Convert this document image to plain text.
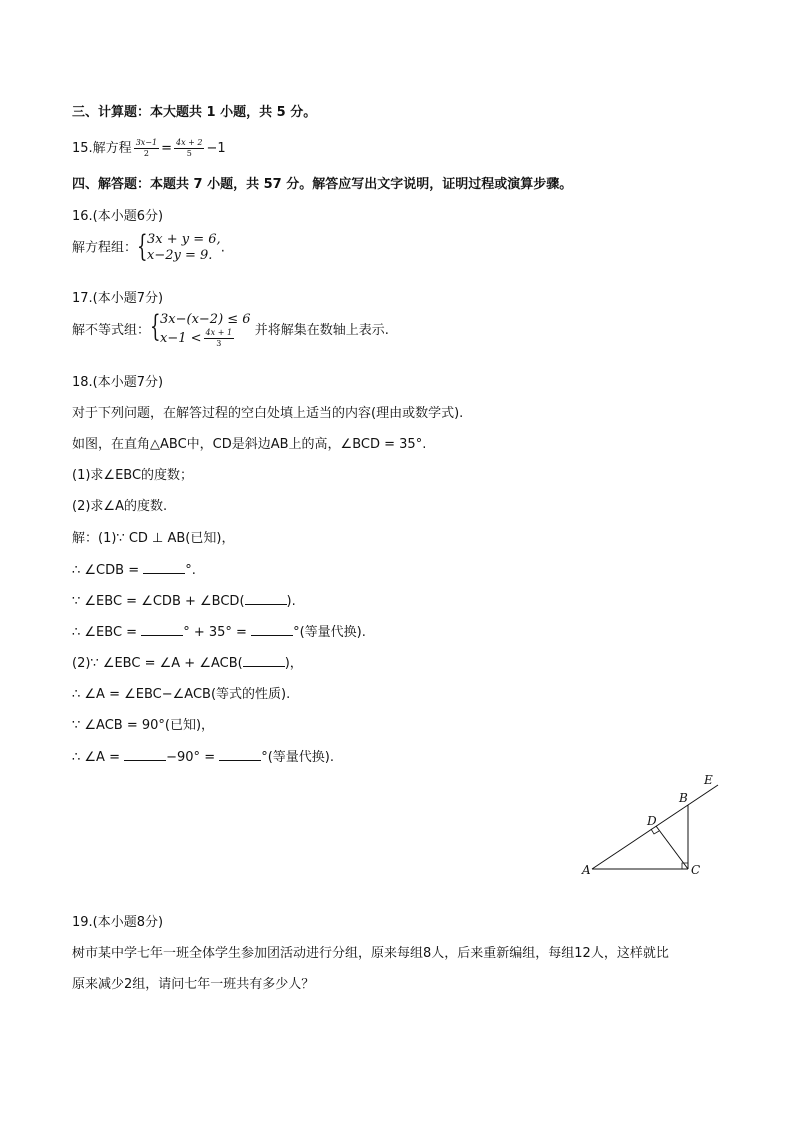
三、计算题：本大题共 1 小题，共 5 分。
15.解方程 $\frac{3x-1}{2} = \frac{4x + 2}{5} -1$
四、解答题：本题共 7 小题，共 57 分。解答应写出文字说明，证明过程或演算步骤。
16.(本小题6分)
解方程组： { 3x + y = 6,
x−2y = 9. .
17.(本小题7分)
解不等式组： { 3x−(x−2) ≤ 6
$x-1 < \frac{4x + 1}{3}$ 并将解集在数轴上表示.
18.(本小题7分)
对于下列问题，在解答过程的空白处填上适当的内容(理由或数学式).
如图，在直角△ABC中，CD是斜边AB上的高，∠BCD = 35°.
(1)求∠EBC的度数；
(2)求∠A的度数.
解：(1)∵ CD ⊥ AB(已知)，
∴ ∠CDB =	°.
∵ ∠EBC = ∠CDB + ∠BCD(	).
∴ ∠EBC =	° + 35° =	°(等量代换).
(2)∵ ∠EBC = ∠A + ∠ACB(	)，
∴ ∠A = ∠EBC−∠ACB(等式的性质).
∵ ∠ACB = 90°(已知)，
∴ ∠A =	−90° =	°(等量代换).
A
B
C
D
E
19.(本小题8分)
树市某中学七年一班全体学生参加团活动进行分组，原来每组8人，后来重新编组，每组12人，这样就比
原来减少2组，请问七年一班共有多少人？
